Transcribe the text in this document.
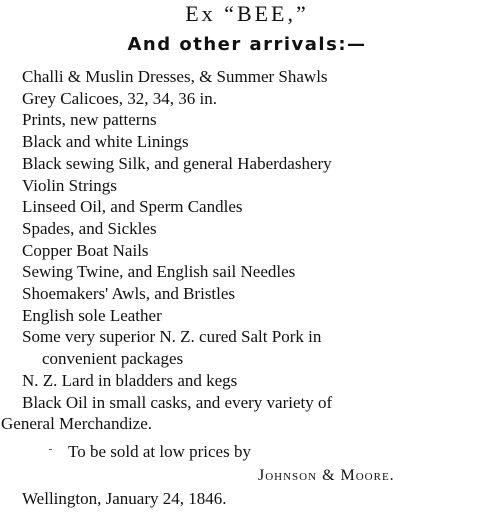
Ex “BEE,”
And other arrivals:—
Challi & Muslin Dresses, & Summer Shawls
Grey Calicoes, 32, 34, 36 in.
Prints, new patterns
Black and white Linings
Black sewing Silk, and general Haberdashery
Violin Strings
Linseed Oil, and Sperm Candles
Spades, and Sickles
Copper Boat Nails
Sewing Twine, and English sail Needles
Shoemakers' Awls, and Bristles
English sole Leather
Some very superior N. Z. cured Salt Pork in
convenient packages
N. Z. Lard in bladders and kegs
Black Oil in small casks, and every variety of
General Merchandize.
To be sold at low prices by
Johnson & Moore.
Wellington, January 24, 1846.
